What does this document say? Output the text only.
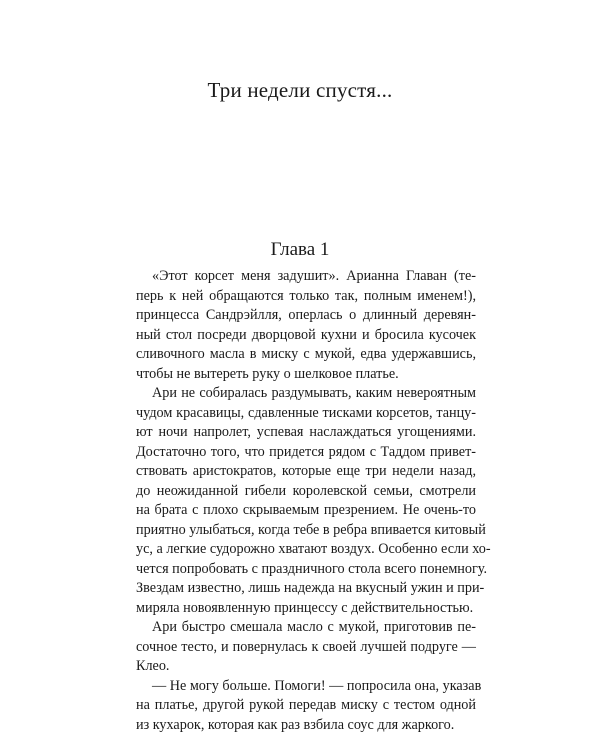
Три недели спустя...
Глава 1
«Этот корсет меня задушит». Арианна Главан (те-
перь к ней обращаются только так, полным именем!),
принцесса Сандрэйлля, оперлась о длинный деревян-
ный стол посреди дворцовой кухни и бросила кусочек
сливочного масла в миску с мукой, едва удержавшись,
чтобы не вытереть руку о шелковое платье.
Ари не собиралась раздумывать, каким невероятным
чудом красавицы, сдавленные тисками корсетов, танцу-
ют ночи напролет, успевая наслаждаться угощениями.
Достаточно того, что придется рядом с Таддом привет-
ствовать аристократов, которые еще три недели назад,
до неожиданной гибели королевской семьи, смотрели
на брата с плохо скрываемым презрением. Не очень-то
приятно улыбаться, когда тебе в ребра впивается китовый
ус, а легкие судорожно хватают воздух. Особенно если хо-
чется попробовать с праздничного стола всего понемногу.
Звездам известно, лишь надежда на вкусный ужин и при-
миряла новоявленную принцессу с действительностью.
Ари быстро смешала масло с мукой, приготовив пе-
сочное тесто, и повернулась к своей лучшей подруге —
Клео.
— Не могу больше. Помоги! — попросила она, указав
на платье, другой рукой передав миску с тестом одной
из кухарок, которая как раз взбила соус для жаркого.
